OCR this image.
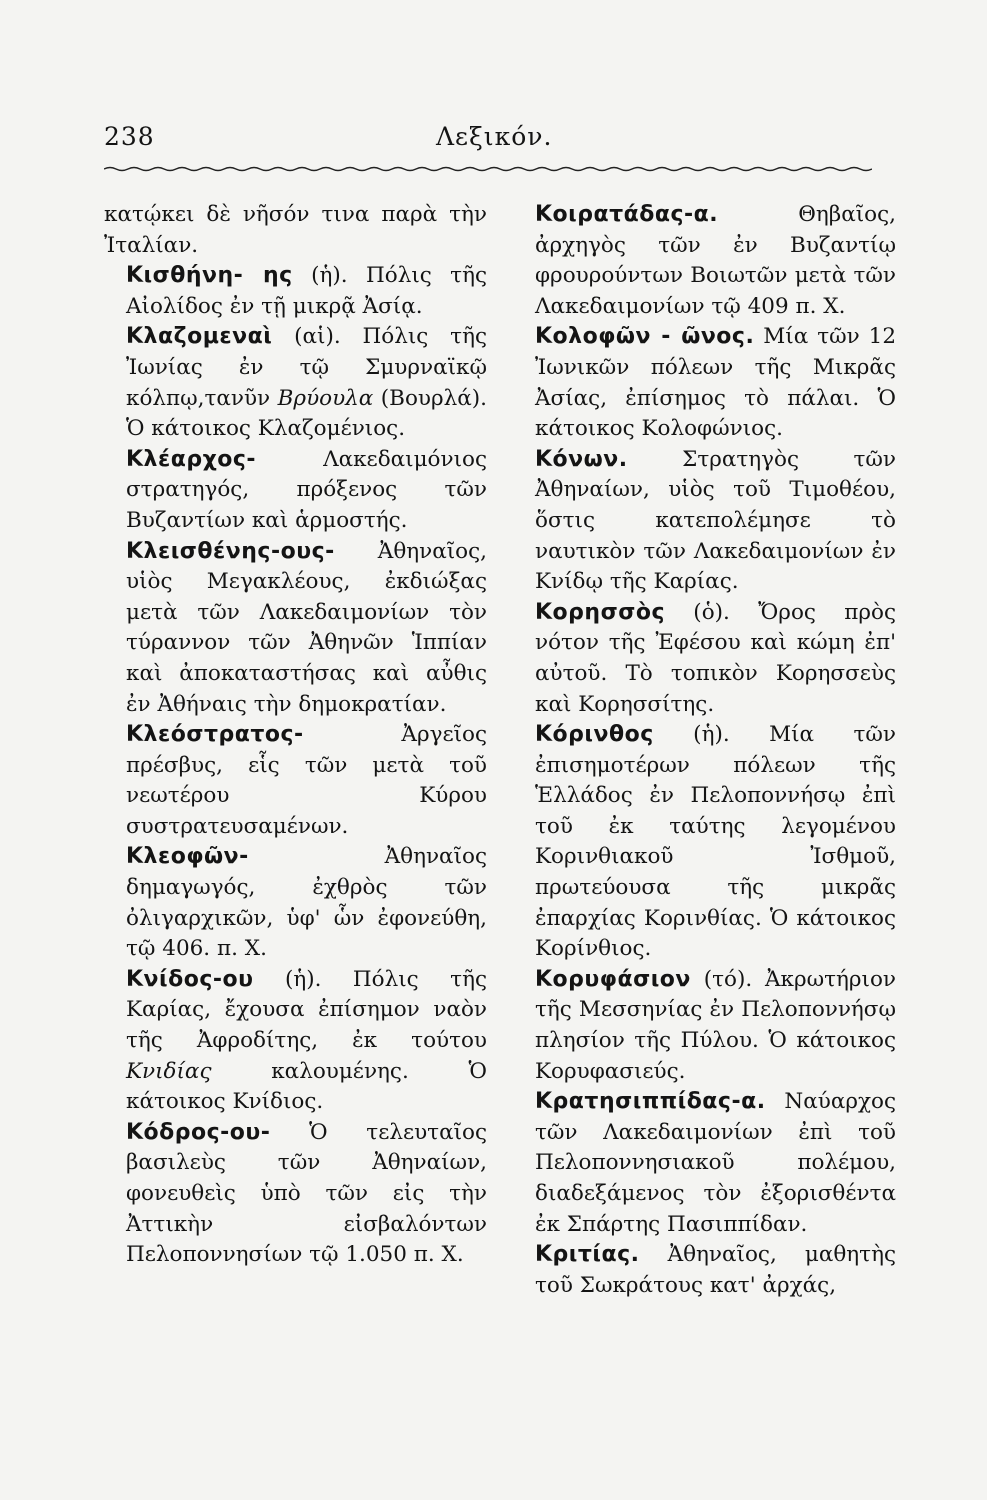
238	Λεξικόν.

κατῴκει δὲ νῆσόν τινα παρὰ τὴν Ἰταλίαν.

Κισθήνη- ης (ἡ). Πόλις τῆς Αἰολίδος ἐν τῇ μικρᾷ Ἀσίᾳ.

Κλαζομεναὶ (αἱ). Πόλις τῆς Ἰωνίας ἐν τῷ Σμυρναϊκῷ κόλπῳ,τανῦν Βρύουλα (Βουρλά). Ὁ κάτοικος Κλαζομένιος.

Κλέαρχος- Λακεδαιμόνιος στρατηγός, πρόξενος τῶν Βυζαντίων καὶ ἁρμοστής.

Κλεισθένης-ους- Ἀθηναῖος, υἱὸς Μεγακλέους, ἐκδιώξας μετὰ τῶν Λακεδαιμονίων τὸν τύραννον τῶν Ἀθηνῶν Ἱππίαν καὶ ἀποκαταστήσας καὶ αὖθις ἐν Ἀθήναις τὴν δημοκρατίαν.

Κλεόστρατος- Ἀργεῖος πρέσβυς, εἷς τῶν μετὰ τοῦ νεωτέρου Κύρου συστρατευσαμένων.

Κλεοφῶν- Ἀθηναῖος δημαγωγός, ἐχθρὸς τῶν ὀλιγαρχικῶν, ὑφ' ὧν ἐφονεύθη, τῷ 406. π. Χ.

Κνίδος-ου (ἡ). Πόλις τῆς Καρίας, ἔχουσα ἐπίσημον ναὸν τῆς Ἀφροδίτης, ἐκ τούτου Κνιδίας καλουμένης. Ὁ κάτοικος Κνίδιος.

Κόδρος-ου- Ὁ τελευταῖος βασιλεὺς τῶν Ἀθηναίων, φονευθεὶς ὑπὸ τῶν εἰς τὴν Ἀττικὴν εἰσβαλόντων Πελοποννησίων τῷ 1.050 π. Χ.

Κοιρατάδας-α. Θηβαῖος, ἀρχηγὸς τῶν ἐν Βυζαντίῳ φρουρούντων Βοιωτῶν μετὰ τῶν Λακεδαιμονίων τῷ 409 π. Χ.

Κολοφῶν - ῶνος. Μία τῶν 12 Ἰωνικῶν πόλεων τῆς Μικρᾶς Ἀσίας, ἐπίσημος τὸ πάλαι. Ὁ κάτοικος Κολοφώνιος.

Κόνων. Στρατηγὸς τῶν Ἀθηναίων, υἱὸς τοῦ Τιμοθέου, ὅστις κατεπολέμησε τὸ ναυτικὸν τῶν Λακεδαιμονίων ἐν Κνίδῳ τῆς Καρίας.

Κορησσὸς (ὁ). Ὄρος πρὸς νότον τῆς Ἐφέσου καὶ κώμη ἐπ' αὐτοῦ. Τὸ τοπικὸν Κορησσεὺς καὶ Κορησσίτης.

Κόρινθος (ἡ). Μία τῶν ἐπισημοτέρων πόλεων τῆς Ἑλλάδος ἐν Πελοποννήσῳ ἐπὶ τοῦ ἐκ ταύτης λεγομένου Κορινθιακοῦ Ἰσθμοῦ, πρωτεύουσα τῆς μικρᾶς ἐπαρχίας Κορινθίας. Ὁ κάτοικος Κορίνθιος.

Κορυφάσιον (τό). Ἀκρωτήριον τῆς Μεσσηνίας ἐν Πελοποννήσῳ πλησίον τῆς Πύλου. Ὁ κάτοικος Κορυφασιεύς.

Κρατησιππίδας-α. Ναύαρχος τῶν Λακεδαιμονίων ἐπὶ τοῦ Πελοποννησιακοῦ πολέμου, διαδεξάμενος τὸν ἐξορισθέντα ἐκ Σπάρτης Πασιππίδαν.

Κριτίας. Ἀθηναῖος, μαθητὴς τοῦ Σωκράτους κατ' ἀρχάς,
